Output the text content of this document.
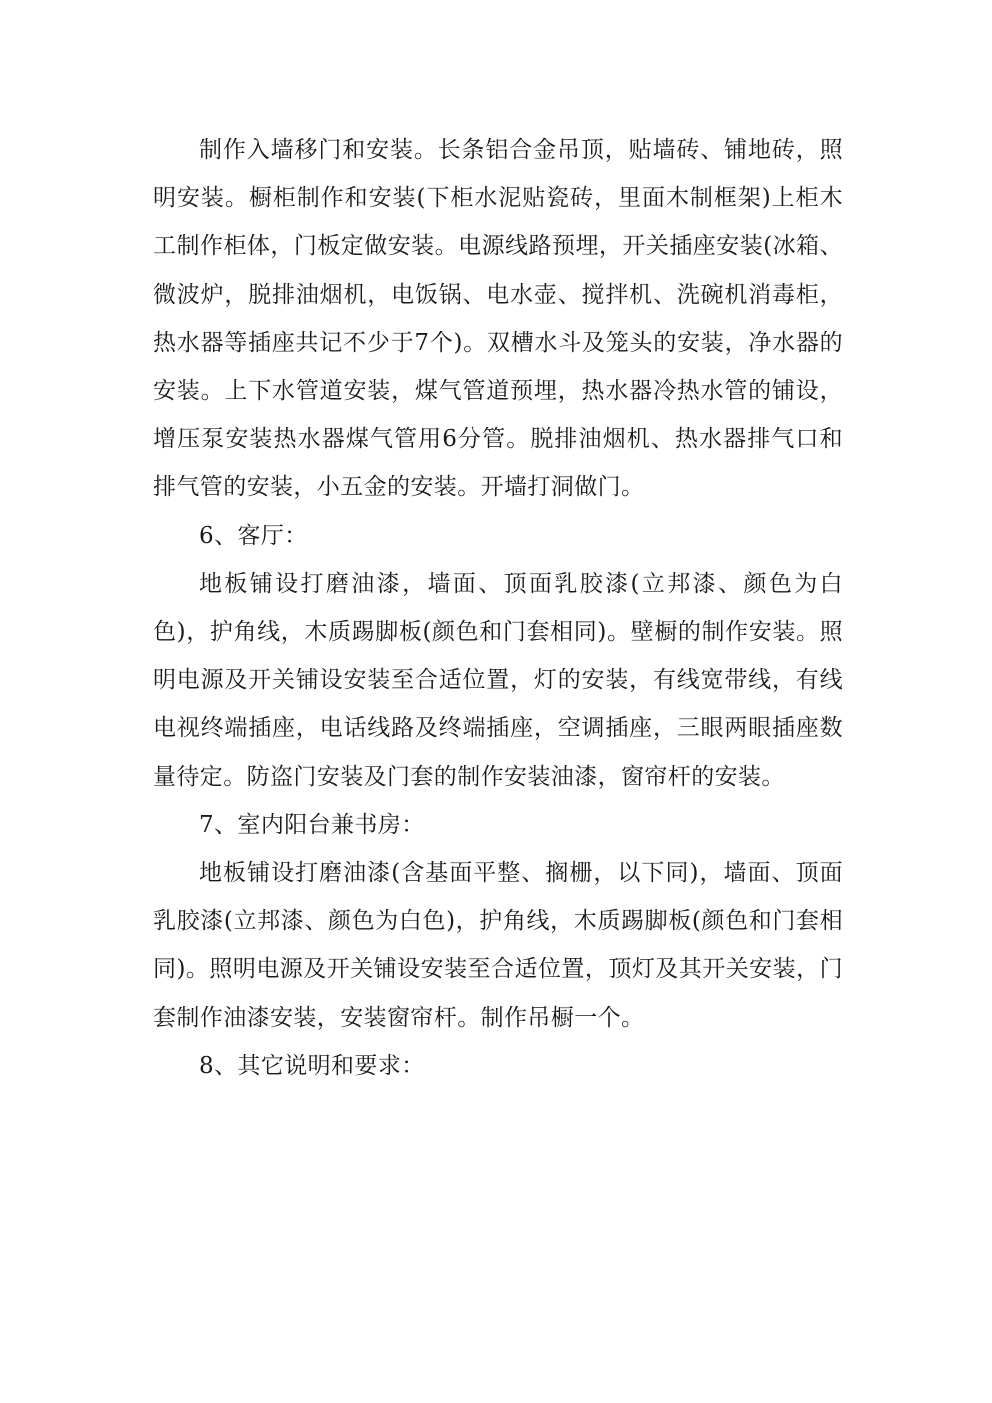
制作入墙移门和安装。长条铝合金吊顶，贴墙砖、铺地砖，照明安装。橱柜制作和安装(下柜水泥贴瓷砖，里面木制框架)上柜木工制作柜体，门板定做安装。电源线路预埋，开关插座安装(冰箱、微波炉，脱排油烟机，电饭锅、电水壶、搅拌机、洗碗机消毒柜，热水器等插座共记不少于7个)。双槽水斗及笼头的安装，净水器的安装。上下水管道安装，煤气管道预埋，热水器冷热水管的铺设，增压泵安装热水器煤气管用6分管。脱排油烟机、热水器排气口和排气管的安装，小五金的安装。开墙打洞做门。

6、客厅：

地板铺设打磨油漆，墙面、顶面乳胶漆(立邦漆、颜色为白色)，护角线，木质踢脚板(颜色和门套相同)。壁橱的制作安装。照明电源及开关铺设安装至合适位置，灯的安装，有线宽带线，有线电视终端插座，电话线路及终端插座，空调插座，三眼两眼插座数量待定。防盗门安装及门套的制作安装油漆，窗帘杆的安装。

7、室内阳台兼书房：

地板铺设打磨油漆(含基面平整、搁栅，以下同)，墙面、顶面乳胶漆(立邦漆、颜色为白色)，护角线，木质踢脚板(颜色和门套相同)。照明电源及开关铺设安装至合适位置，顶灯及其开关安装，门套制作油漆安装，安装窗帘杆。制作吊橱一个。

8、其它说明和要求：
